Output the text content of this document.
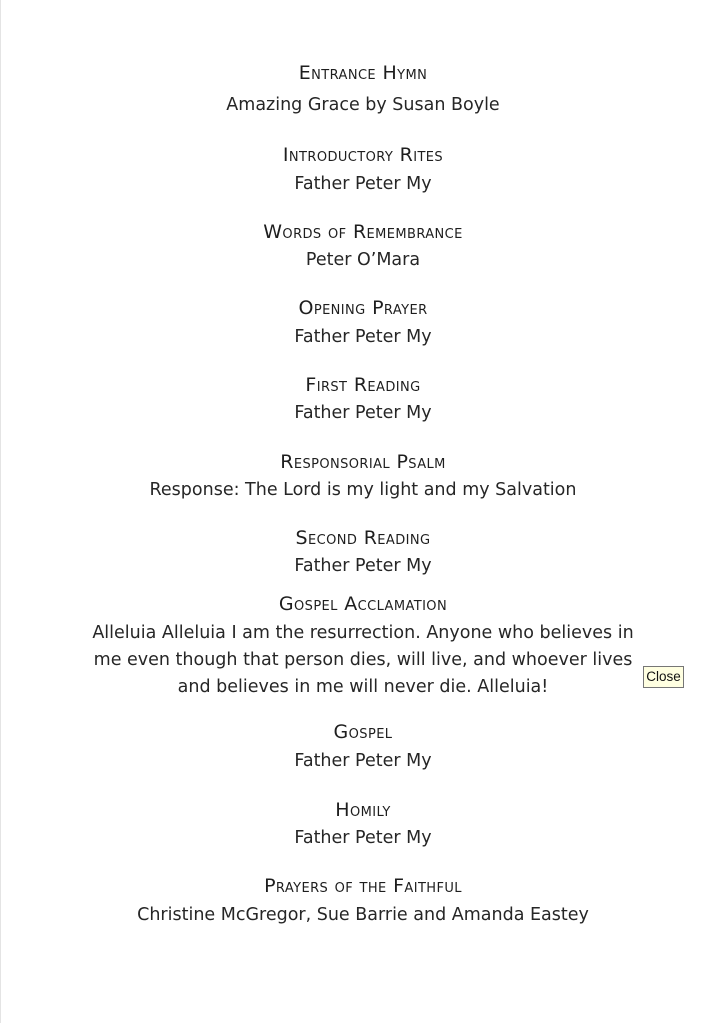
Entrance Hymn
Amazing Grace by Susan Boyle
Introductory Rites
Father Peter My
Words of Remembrance
Peter O’Mara
Opening Prayer
Father Peter My
First Reading
Father Peter My
Responsorial Psalm
Response: The Lord is my light and my Salvation
Second Reading
Father Peter My
Gospel Acclamation
Alleluia Alleluia I am the resurrection. Anyone who believes in me even though that person dies, will live, and whoever lives and believes in me will never die. Alleluia!
Gospel
Father Peter My
Homily
Father Peter My
Prayers of the Faithful
Christine McGregor, Sue Barrie and Amanda Eastey
Close
